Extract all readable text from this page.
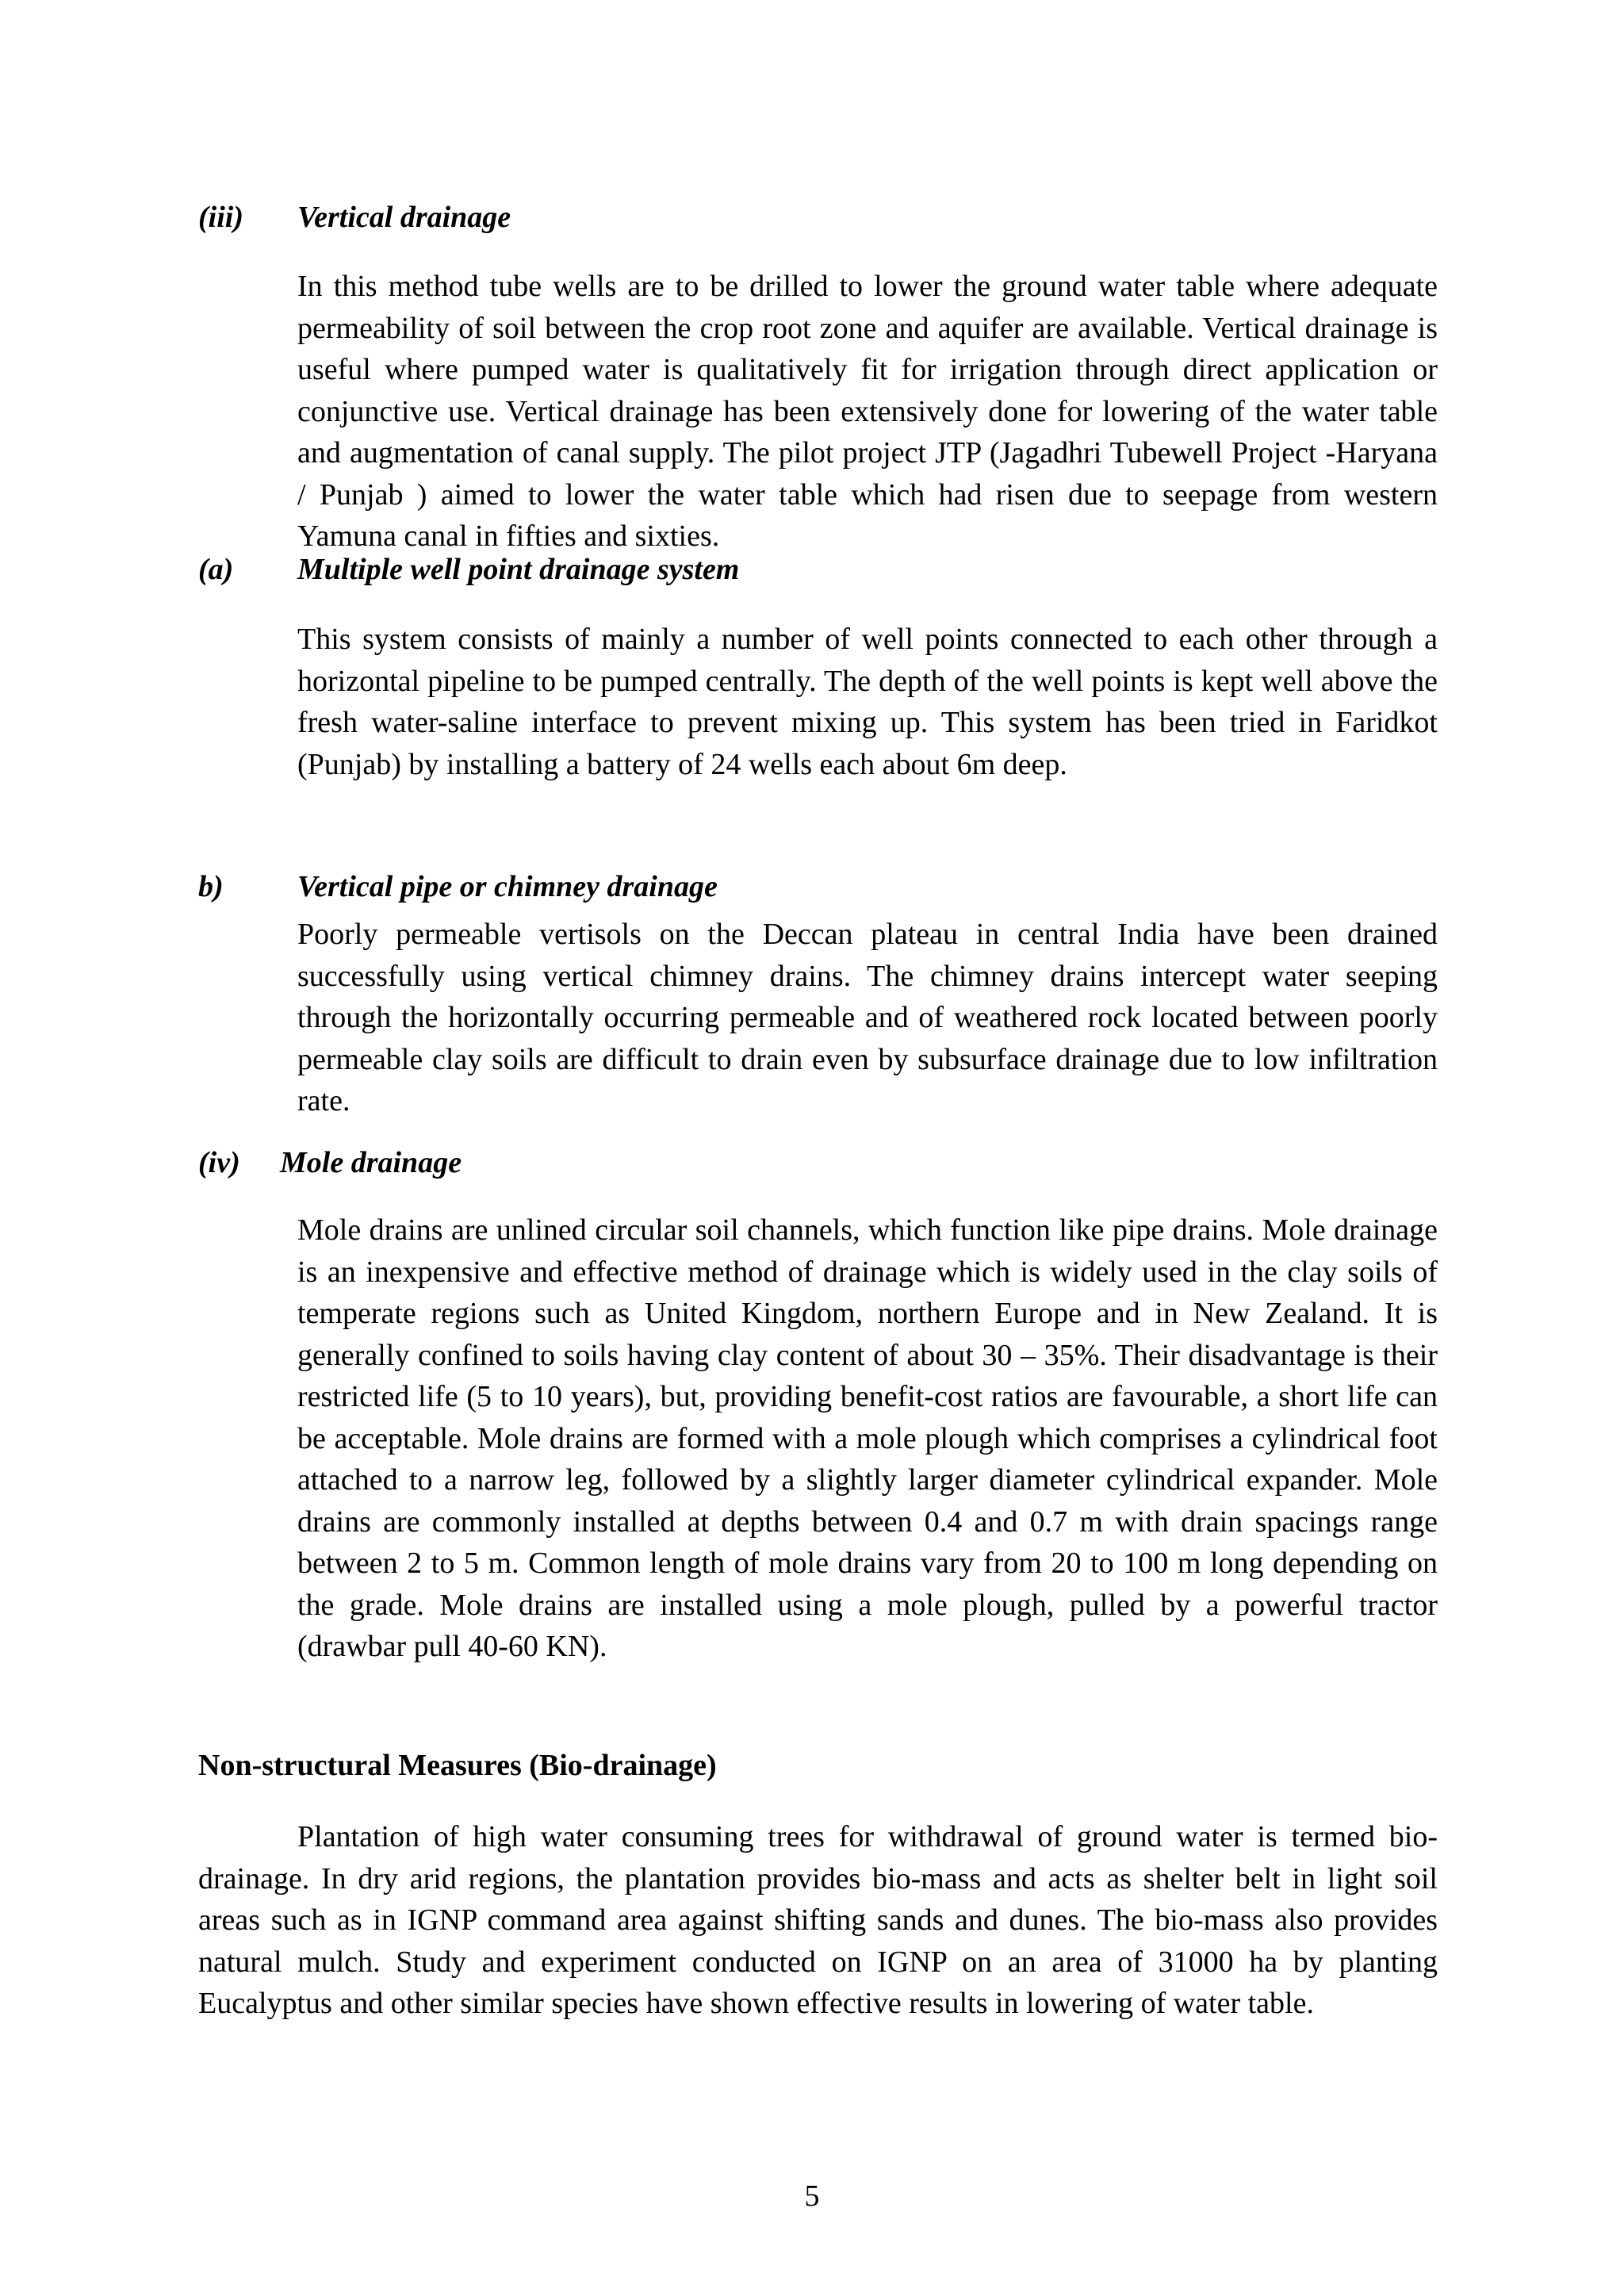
(iii) Vertical drainage

In this method tube wells are to be drilled to lower the ground water table where adequate permeability of soil between the crop root zone and aquifer are available. Vertical drainage is useful where pumped water is qualitatively fit for irrigation through direct application or conjunctive use. Vertical drainage has been extensively done for lowering of the water table and augmentation of canal supply. The pilot project JTP (Jagadhri Tubewell Project -Haryana / Punjab ) aimed to lower the water table which had risen due to seepage from western Yamuna canal in fifties and sixties.

(a) Multiple well point drainage system

This system consists of mainly a number of well points connected to each other through a horizontal pipeline to be pumped centrally. The depth of the well points is kept well above the fresh water-saline interface to prevent mixing up. This system has been tried in Faridkot (Punjab) by installing a battery of 24 wells each about 6m deep.

b) Vertical pipe or chimney drainage

Poorly permeable vertisols on the Deccan plateau in central India have been drained successfully using vertical chimney drains. The chimney drains intercept water seeping through the horizontally occurring permeable and of weathered rock located between poorly permeable clay soils are difficult to drain even by subsurface drainage due to low infiltration rate.

(iv) Mole drainage

Mole drains are unlined circular soil channels, which function like pipe drains. Mole drainage is an inexpensive and effective method of drainage which is widely used in the clay soils of temperate regions such as United Kingdom, northern Europe and in New Zealand. It is generally confined to soils having clay content of about 30 – 35%. Their disadvantage is their restricted life (5 to 10 years), but, providing benefit-cost ratios are favourable, a short life can be acceptable. Mole drains are formed with a mole plough which comprises a cylindrical foot attached to a narrow leg, followed by a slightly larger diameter cylindrical expander. Mole drains are commonly installed at depths between 0.4 and 0.7 m with drain spacings range between 2 to 5 m. Common length of mole drains vary from 20 to 100 m long depending on the grade. Mole drains are installed using a mole plough, pulled by a powerful tractor (drawbar pull 40-60 KN).

Non-structural Measures (Bio-drainage)

Plantation of high water consuming trees for withdrawal of ground water is termed bio-drainage. In dry arid regions, the plantation provides bio-mass and acts as shelter belt in light soil areas such as in IGNP command area against shifting sands and dunes. The bio-mass also provides natural mulch. Study and experiment conducted on IGNP on an area of 31000 ha by planting Eucalyptus and other similar species have shown effective results in lowering of water table.

5
